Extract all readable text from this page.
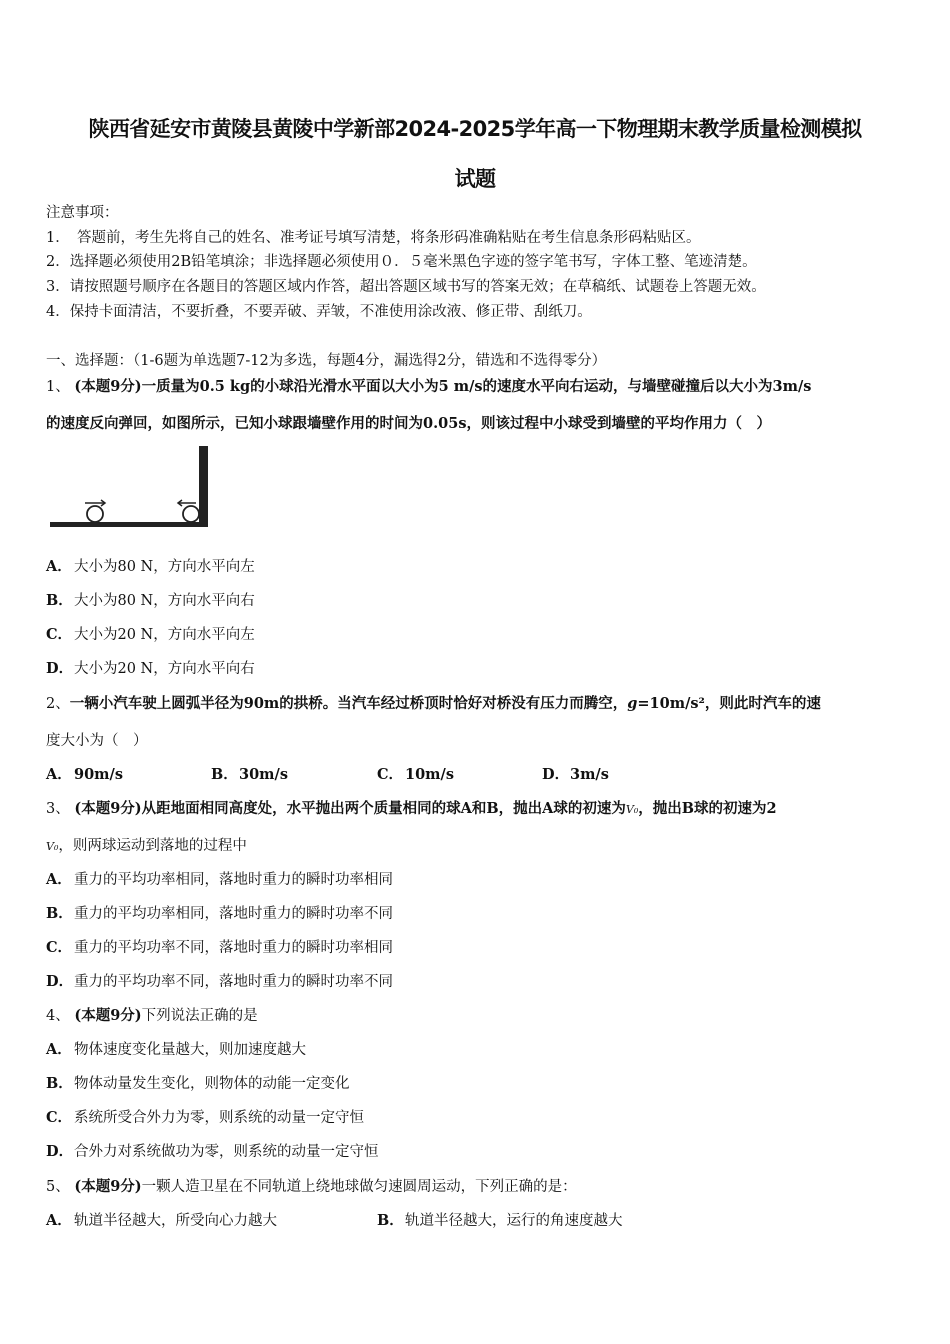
陕西省延安市黄陵县黄陵中学新部2024-2025学年高一下物理期末教学质量检测模拟
试题
注意事项：
1．　答题前，考生先将自己的姓名、准考证号填写清楚，将条形码准确粘贴在考生信息条形码粘贴区。
2．选择题必须使用2B铅笔填涂；非选择题必须使用０．５毫米黑色字迹的签字笔书写，字体工整、笔迹清楚。
3．请按照题号顺序在各题目的答题区域内作答，超出答题区域书写的答案无效；在草稿纸、试题卷上答题无效。
4．保持卡面清洁，不要折叠，不要弄破、弄皱，不准使用涂改液、修正带、刮纸刀。
一、选择题：（1-6题为单选题7-12为多选，每题4分，漏选得2分，错选和不选得零分）
1、 (本题9分)一质量为0.5 kg的小球沿光滑水平面以大小为5 m/s的速度水平向右运动，与墙壁碰撞后以大小为3m/s
的速度反向弹回，如图所示，已知小球跟墙壁作用的时间为0.05s，则该过程中小球受到墙壁的平均作用力（　）
A． 大小为80 N，方向水平向左
B．大小为80 N，方向水平向右
C． 大小为20 N，方向水平向左
D．大小为20 N，方向水平向右
2、一辆小汽车驶上圆弧半径为90m的拱桥。当汽车经过桥顶时恰好对桥没有压力而腾空，g=10m/s²，则此时汽车的速
度大小为（　）
A． 90m/s	B．30m/s	C． 10m/s	D．3m/s
3、 (本题9分)从距地面相同高度处，水平抛出两个质量相同的球A和B，抛出A球的初速为V₀，抛出B球的初速为2
V₀，则两球运动到落地的过程中
A． 重力的平均功率相同，落地时重力的瞬时功率相同
B．重力的平均功率相同，落地时重力的瞬时功率不同
C． 重力的平均功率不同，落地时重力的瞬时功率相同
D．重力的平均功率不同，落地时重力的瞬时功率不同
4、 (本题9分)下列说法正确的是
A． 物体速度变化量越大，则加速度越大
B．物体动量发生变化，则物体的动能一定变化
C． 系统所受合外力为零，则系统的动量一定守恒
D．合外力对系统做功为零，则系统的动量一定守恒
5、 (本题9分)一颗人造卫星在不同轨道上绕地球做匀速圆周运动，下列正确的是：
A． 轨道半径越大，所受向心力越大	B．轨道半径越大，运行的角速度越大
